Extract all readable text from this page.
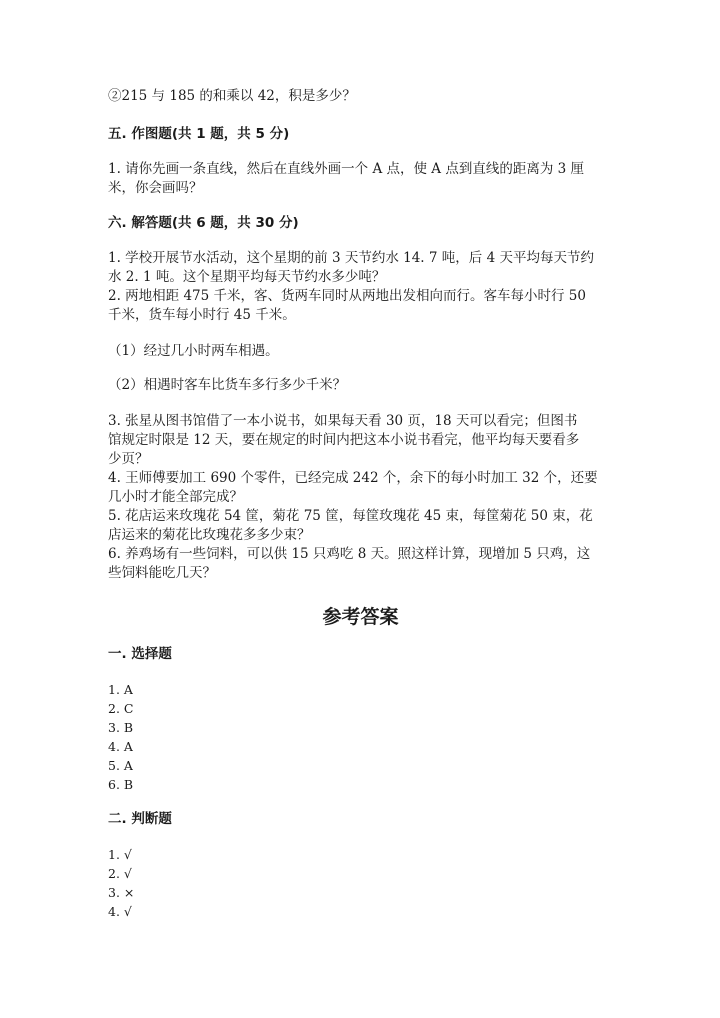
②215 与 185 的和乘以 42，积是多少？
五. 作图题(共 1 题，共 5 分)
1. 请你先画一条直线，然后在直线外画一个 A 点，使 A 点到直线的距离为 3 厘
米，你会画吗？
六. 解答题(共 6 题，共 30 分)
1. 学校开展节水活动，这个星期的前 3 天节约水 14. 7 吨，后 4 天平均每天节约
水 2. 1 吨。这个星期平均每天节约水多少吨？
2. 两地相距 475 千米，客、货两车同时从两地出发相向而行。客车每小时行 50
千米，货车每小时行 45 千米。
（1）经过几小时两车相遇。
（2）相遇时客车比货车多行多少千米？
3. 张星从图书馆借了一本小说书，如果每天看 30 页，18 天可以看完；但图书
馆规定时限是 12 天，要在规定的时间内把这本小说书看完，他平均每天要看多
少页？
4. 王师傅要加工 690 个零件，已经完成 242 个，余下的每小时加工 32 个，还要
几小时才能全部完成？
5. 花店运来玫瑰花 54 筐，菊花 75 筐，每筐玫瑰花 45 束，每筐菊花 50 束，花
店运来的菊花比玫瑰花多多少束？
6. 养鸡场有一些饲料，可以供 15 只鸡吃 8 天。照这样计算，现增加 5 只鸡，这
些饲料能吃几天？
参考答案
一. 选择题
1. A
2. C
3. B
4. A
5. A
6. B
二. 判断题
1. √
2. √
3. ×
4. √
